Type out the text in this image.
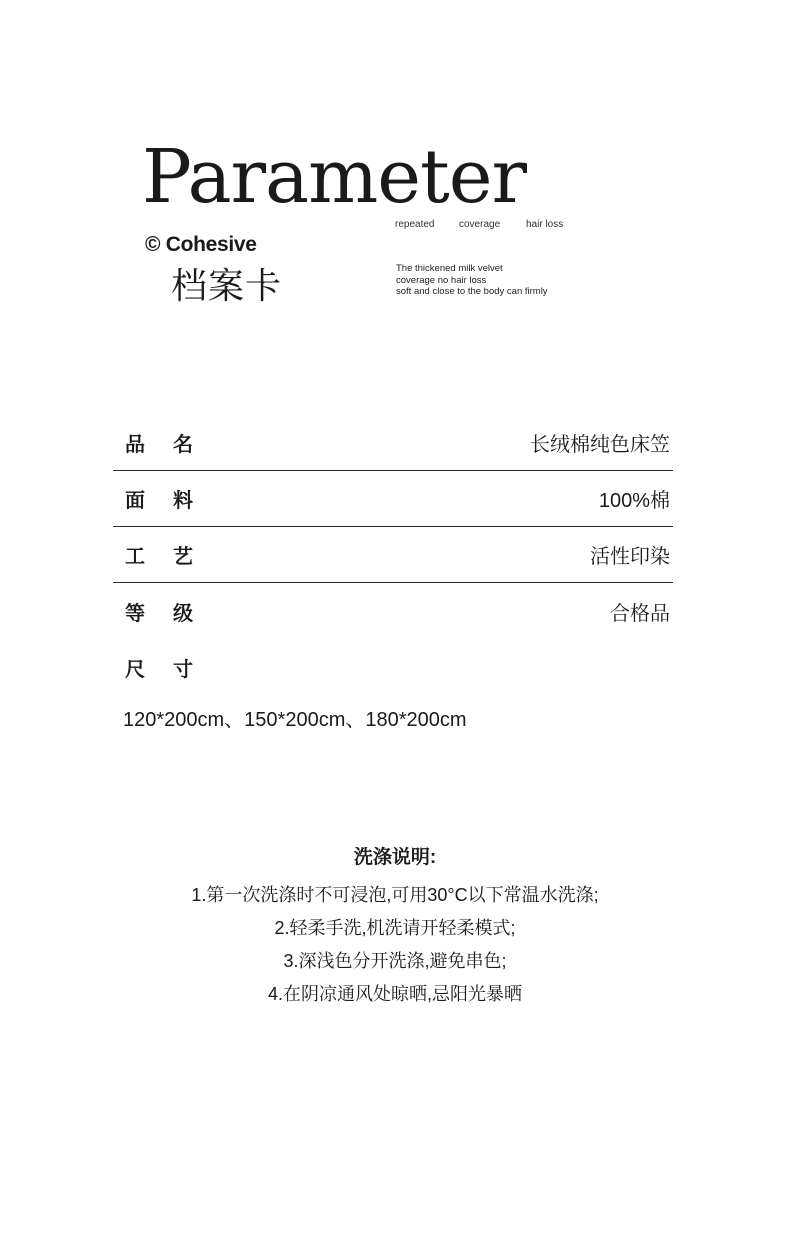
Parameter
repeated coverage	hair loss
© Cohesive
档案卡	The thickened milk velvet
coverage no hair loss
soft and close to the body can firmly
品 名	长绒棉纯色床笠
面 料	100%棉
工 艺	活性印染
等 级	合格品
尺 寸
120*200cm、150*200cm、180*200cm
洗涤说明:
1.第一次洗涤时不可浸泡,可用30°C以下常温水洗涤;
2.轻柔手洗,机洗请开轻柔模式;
3.深浅色分开洗涤,避免串色;
4.在阴凉通风处晾晒,忌阳光暴晒
